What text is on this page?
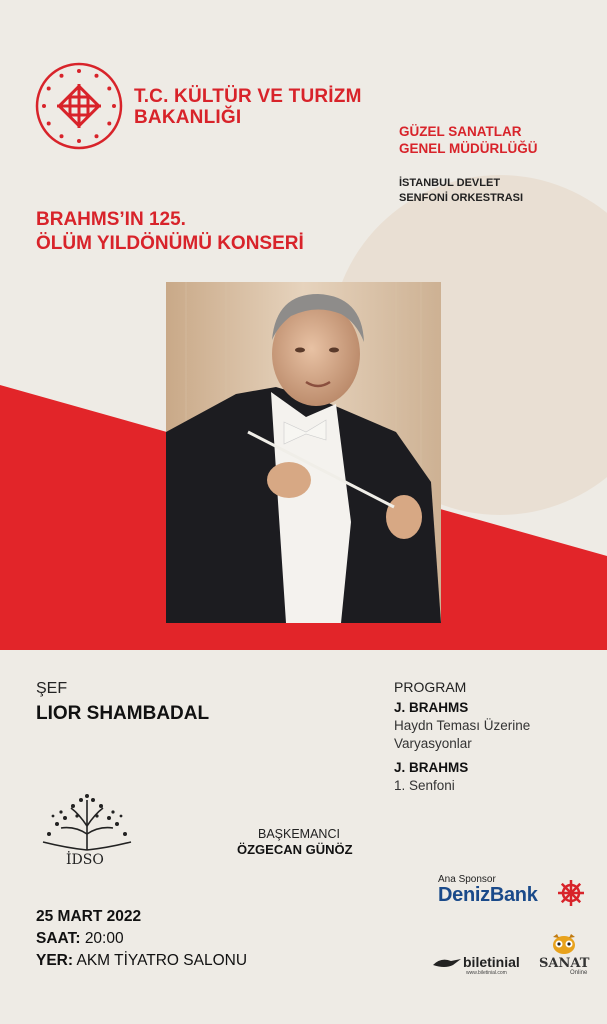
T.C. KÜLTÜR VE TURİZM
BAKANLIĞI
GÜZEL SANATLAR
GENEL MÜDÜRLÜĞÜ
İSTANBUL DEVLET
SENFONİ ORKESTRASI
BRAHMS’IN 125.
ÖLÜM YILDÖNÜMÜ KONSERİ
ŞEF
LIOR SHAMBADAL
PROGRAM
J. BRAHMS
Haydn Teması Üzerine
Varyasyonlar
J. BRAHMS
1. Senfoni
İDSO
BAŞKEMANCI
ÖZGECAN GÜNÖZ
Ana Sponsor
DenizBank
25 MART 2022
SAAT: 20:00
YER: AKM TİYATRO SALONU	biletinial
www.biletinial.com
SANAT
Online
